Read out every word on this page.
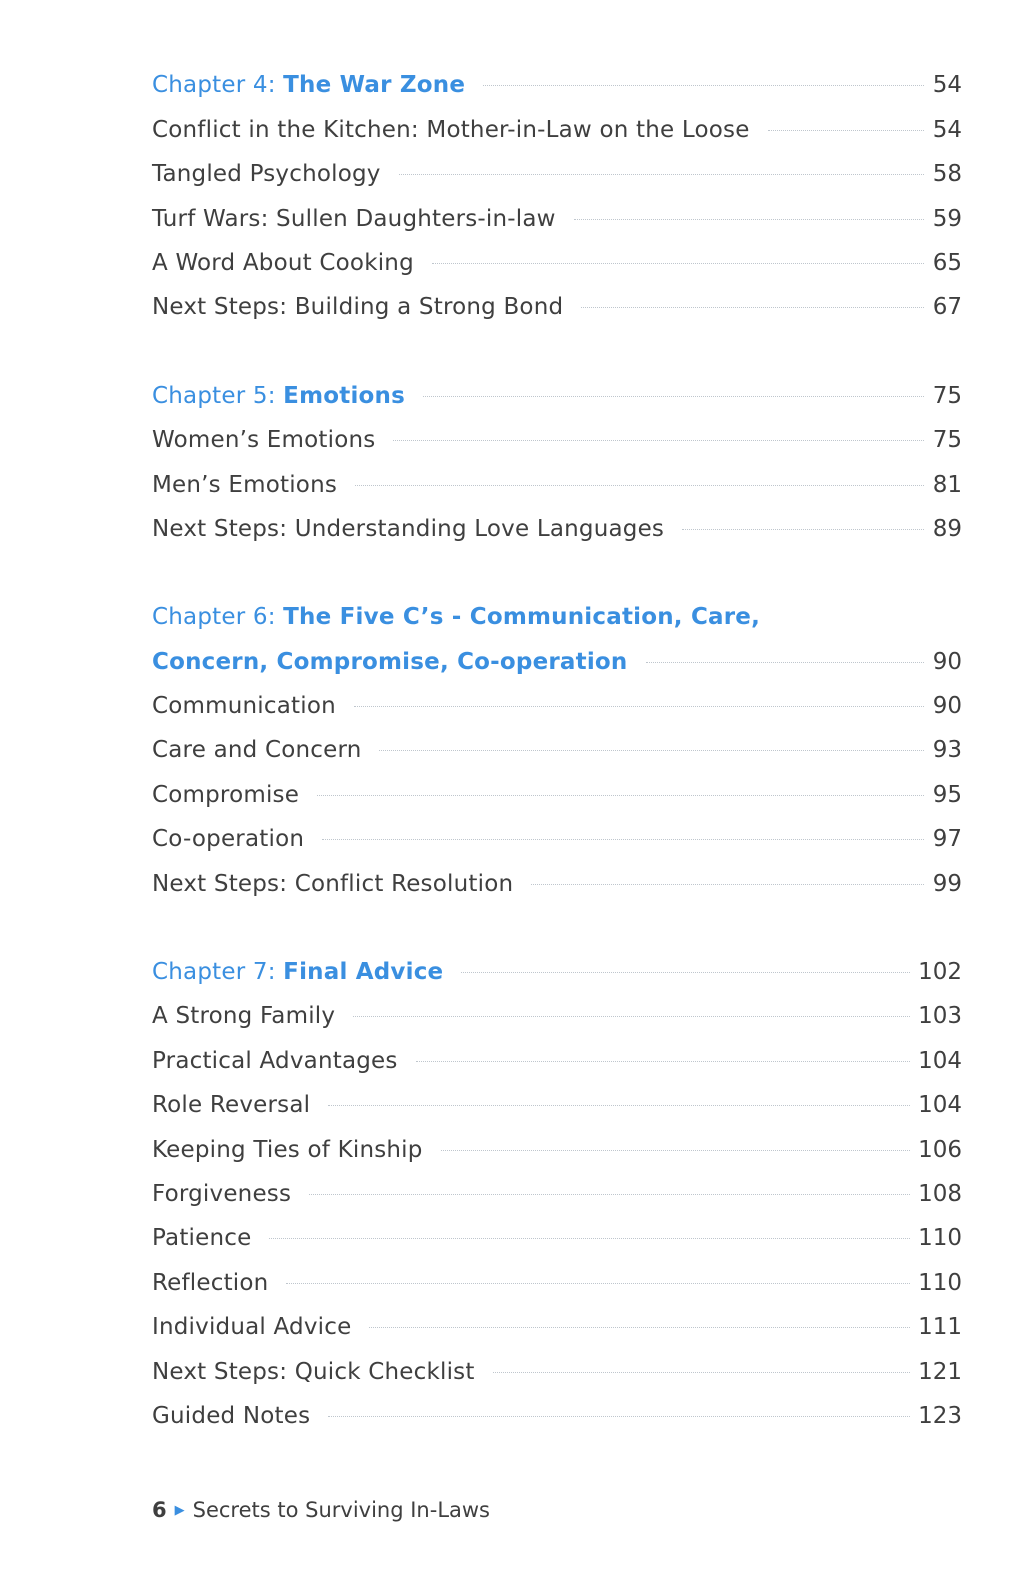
Chapter 4: The War Zone	54
Conflict in the Kitchen: Mother-in-Law on the Loose	54
Tangled Psychology	58
Turf Wars: Sullen Daughters-in-law	59
A Word About Cooking	65
Next Steps: Building a Strong Bond	67
Chapter 5: Emotions	75
Women’s Emotions	75
Men’s Emotions	81
Next Steps: Understanding Love Languages	89
Chapter 6: The Five C’s - Communication, Care,
Concern, Compromise, Co-operation	90
Communication	90
Care and Concern	93
Compromise	95
Co-operation	97
Next Steps: Conflict Resolution	99
Chapter 7: Final Advice	102
A Strong Family	103
Practical Advantages	104
Role Reversal	104
Keeping Ties of Kinship	106
Forgiveness	108
Patience	110
Reflection	110
Individual Advice	111
Next Steps: Quick Checklist	121
Guided Notes	123
6 ▶ Secrets to Surviving In-Laws
